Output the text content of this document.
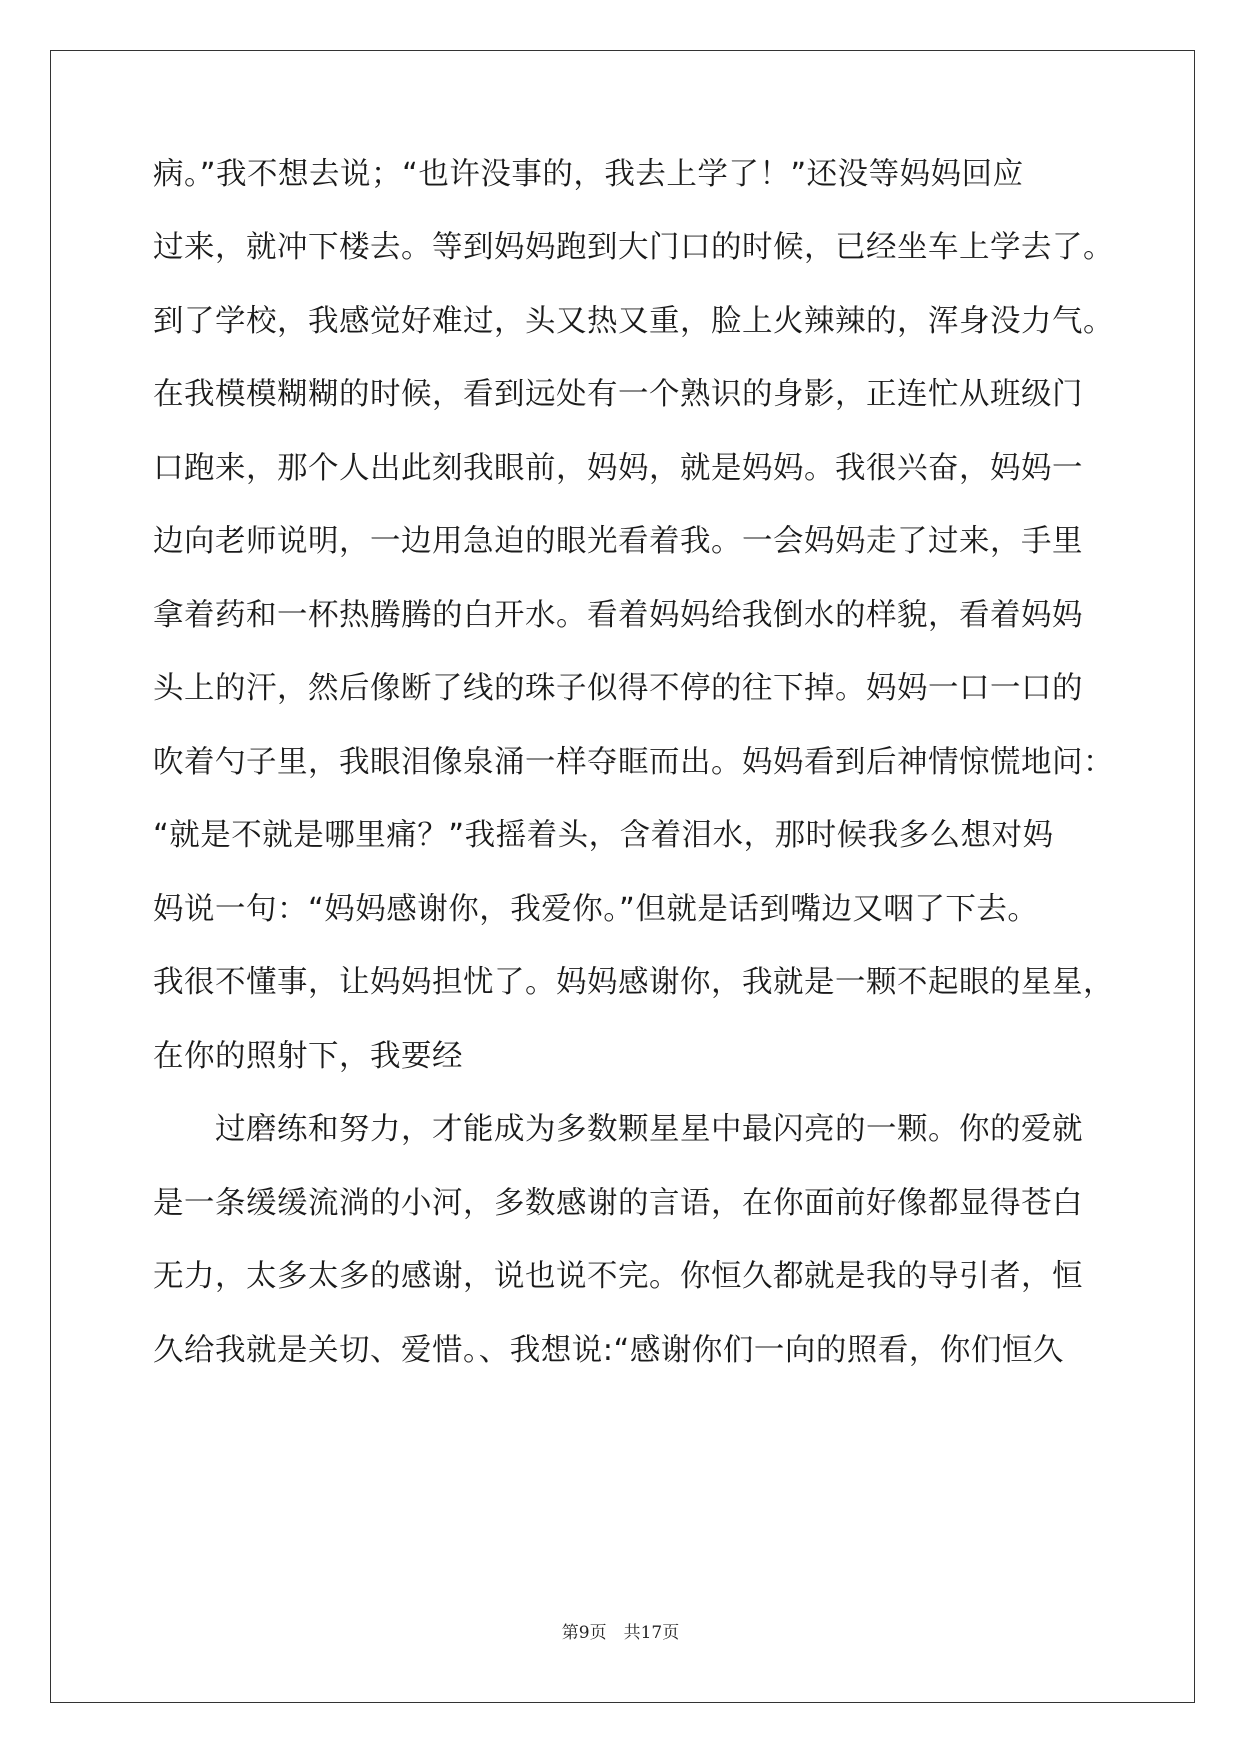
病。”我不想去说；“也许没事的，我去上学了！”还没等妈妈回应
过来，就冲下楼去。等到妈妈跑到大门口的时候，已经坐车上学去了。
到了学校，我感觉好难过，头又热又重，脸上火辣辣的，浑身没力气。
在我模模糊糊的时候，看到远处有一个熟识的身影，正连忙从班级门
口跑来，那个人出此刻我眼前，妈妈，就是妈妈。我很兴奋，妈妈一
边向老师说明，一边用急迫的眼光看着我。一会妈妈走了过来，手里
拿着药和一杯热腾腾的白开水。看着妈妈给我倒水的样貌，看着妈妈
头上的汗，然后像断了线的珠子似得不停的往下掉。妈妈一口一口的
吹着勺子里，我眼泪像泉涌一样夺眶而出。妈妈看到后神情惊慌地问：
“就是不就是哪里痛？”我摇着头，含着泪水，那时候我多么想对妈
妈说一句：“妈妈感谢你，我爱你。”但就是话到嘴边又咽了下去。
我很不懂事，让妈妈担忧了。妈妈感谢你，我就是一颗不起眼的星星，
在你的照射下，我要经
　　过磨练和努力，才能成为多数颗星星中最闪亮的一颗。你的爱就
是一条缓缓流淌的小河，多数感谢的言语，在你面前好像都显得苍白
无力，太多太多的感谢，说也说不完。你恒久都就是我的导引者，恒
久给我就是关切、爱惜。、我想说:“感谢你们一向的照看，你们恒久
第9页　共17页
